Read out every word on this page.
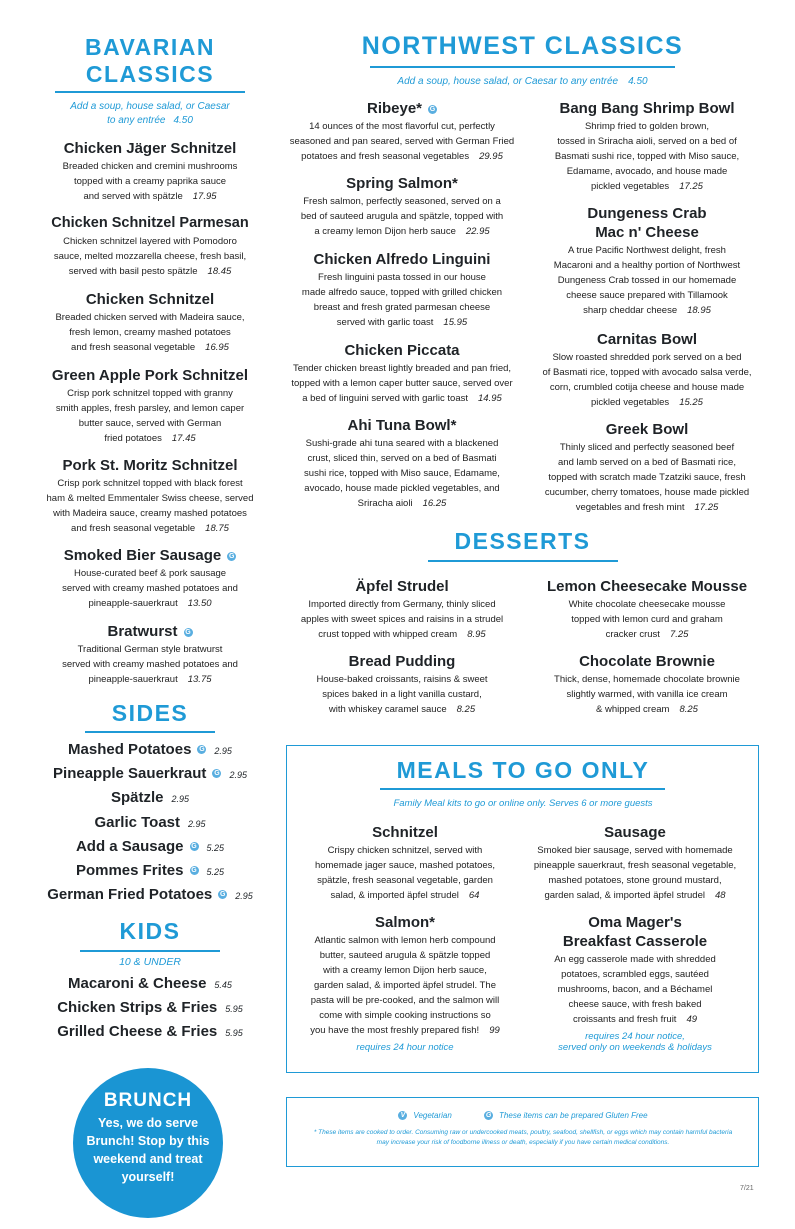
BAVARIAN
CLASSICS
Add a soup, house salad, or Caesar
to any entrée 4.50
Chicken Jäger Schnitzel

Breaded chicken and cremini mushrooms
topped with a creamy paprika sauce
and served with spätzle 17.95

Chicken Schnitzel Parmesan

Chicken schnitzel layered with Pomodoro
sauce, melted mozzarella cheese, fresh basil,
served with basil pesto spätzle 18.45

Chicken Schnitzel

Breaded chicken served with Madeira sauce,
fresh lemon, creamy mashed potatoes
and fresh seasonal vegetable 16.95

Green Apple Pork Schnitzel

Crisp pork schnitzel topped with granny
smith apples, fresh parsley, and lemon caper
butter sauce, served with German
fried potatoes 17.45

Pork St. Moritz Schnitzel

Crisp pork schnitzel topped with black forest
ham & melted Emmentaler Swiss cheese, served
with Madeira sauce, creamy mashed potatoes
and fresh seasonal vegetable 18.75

Smoked Bier Sausage G

House-curated beef & pork sausage
served with creamy mashed potatoes and
pineapple-sauerkraut 13.50

Bratwurst G

Traditional German style bratwurst
served with creamy mashed potatoes and
pineapple-sauerkraut 13.75

SIDES
Mashed Potatoes G 2.95
Pineapple Sauerkraut G 2.95
Spätzle 2.95
Garlic Toast 2.95
Add a Sausage G 5.25
Pommes Frites G 5.25
German Fried Potatoes G 2.95
KIDS
10 & UNDER
Macaroni & Cheese 5.45
Chicken Strips & Fries 5.95
Grilled Cheese & Fries 5.95
BRUNCH
Yes, we do serve
Brunch! Stop by this
weekend and treat
yourself!
NORTHWEST CLASSICS
Add a soup, house salad, or Caesar to any entrée 4.50
Ribeye* G

14 ounces of the most flavorful cut, perfectly
seasoned and pan seared, served with German Fried
potatoes and fresh seasonal vegetables 29.95

Spring Salmon*

Fresh salmon, perfectly seasoned, served on a
bed of sauteed arugula and spätzle, topped with
a creamy lemon Dijon herb sauce 22.95

Chicken Alfredo Linguini

Fresh linguini pasta tossed in our house
made alfredo sauce, topped with grilled chicken
breast and fresh grated parmesan cheese
served with garlic toast 15.95

Chicken Piccata

Tender chicken breast lightly breaded and pan fried,
topped with a lemon caper butter sauce, served over
a bed of linguini served with garlic toast 14.95

Ahi Tuna Bowl*

Sushi-grade ahi tuna seared with a blackened
crust, sliced thin, served on a bed of Basmati
sushi rice, topped with Miso sauce, Edamame,
avocado, house made pickled vegetables, and
Sriracha aioli 16.25

Bang Bang Shrimp Bowl

Shrimp fried to golden brown,
tossed in Sriracha aioli, served on a bed of
Basmati sushi rice, topped with Miso sauce,
Edamame, avocado, and house made
pickled vegetables 17.25

Dungeness Crab
Mac n' Cheese

A true Pacific Northwest delight, fresh
Macaroni and a healthy portion of Northwest
Dungeness Crab tossed in our homemade
cheese sauce prepared with Tillamook
sharp cheddar cheese 18.95

Carnitas Bowl

Slow roasted shredded pork served on a bed
of Basmati rice, topped with avocado salsa verde,
corn, crumbled cotija cheese and house made
pickled vegetables 15.25

Greek Bowl

Thinly sliced and perfectly seasoned beef
and lamb served on a bed of Basmati rice,
topped with scratch made Tzatziki sauce, fresh
cucumber, cherry tomatoes, house made pickled
vegetables and fresh mint 17.25

DESSERTS
Äpfel Strudel

Imported directly from Germany, thinly sliced
apples with sweet spices and raisins in a strudel
crust topped with whipped cream 8.95

Lemon Cheesecake Mousse

White chocolate cheesecake mousse
topped with lemon curd and graham
cracker crust 7.25

Bread Pudding

House-baked croissants, raisins & sweet
spices baked in a light vanilla custard,
with whiskey caramel sauce 8.25

Chocolate Brownie

Thick, dense, homemade chocolate brownie
slightly warmed, with vanilla ice cream
& whipped cream 8.25

MEALS TO GO ONLY
Family Meal kits to go or online only. Serves 6 or more guests
Schnitzel

Crispy chicken schnitzel, served with
homemade jager sauce, mashed potatoes,
spätzle, fresh seasonal vegetable, garden
salad, & imported äpfel strudel 64

Sausage

Smoked bier sausage, served with homemade
pineapple sauerkraut, fresh seasonal vegetable,
mashed potatoes, stone ground mustard,
garden salad, & imported äpfel strudel 48

Salmon*

Atlantic salmon with lemon herb compound
butter, sauteed arugula & spätzle topped
with a creamy lemon Dijon herb sauce,
garden salad, & imported äpfel strudel. The
pasta will be pre-cooked, and the salmon will
come with simple cooking instructions so
you have the most freshly prepared fish! 99

requires 24 hour notice
Oma Mager's
Breakfast Casserole

An egg casserole made with shredded
potatoes, scrambled eggs, sautéed
mushrooms, bacon, and a Béchamel
cheese sauce, with fresh baked
croissants and fresh fruit 49

requires 24 hour notice,
served only on weekends & holidays
V Vegetarian	G These items can be prepared Gluten Free
* These items are cooked to order. Consuming raw or undercooked meats, poultry, seafood, shellfish, or eggs which may contain harmful bacteria
may increase your risk of foodborne illness or death, especially if you have certain medical conditions.
7/21
